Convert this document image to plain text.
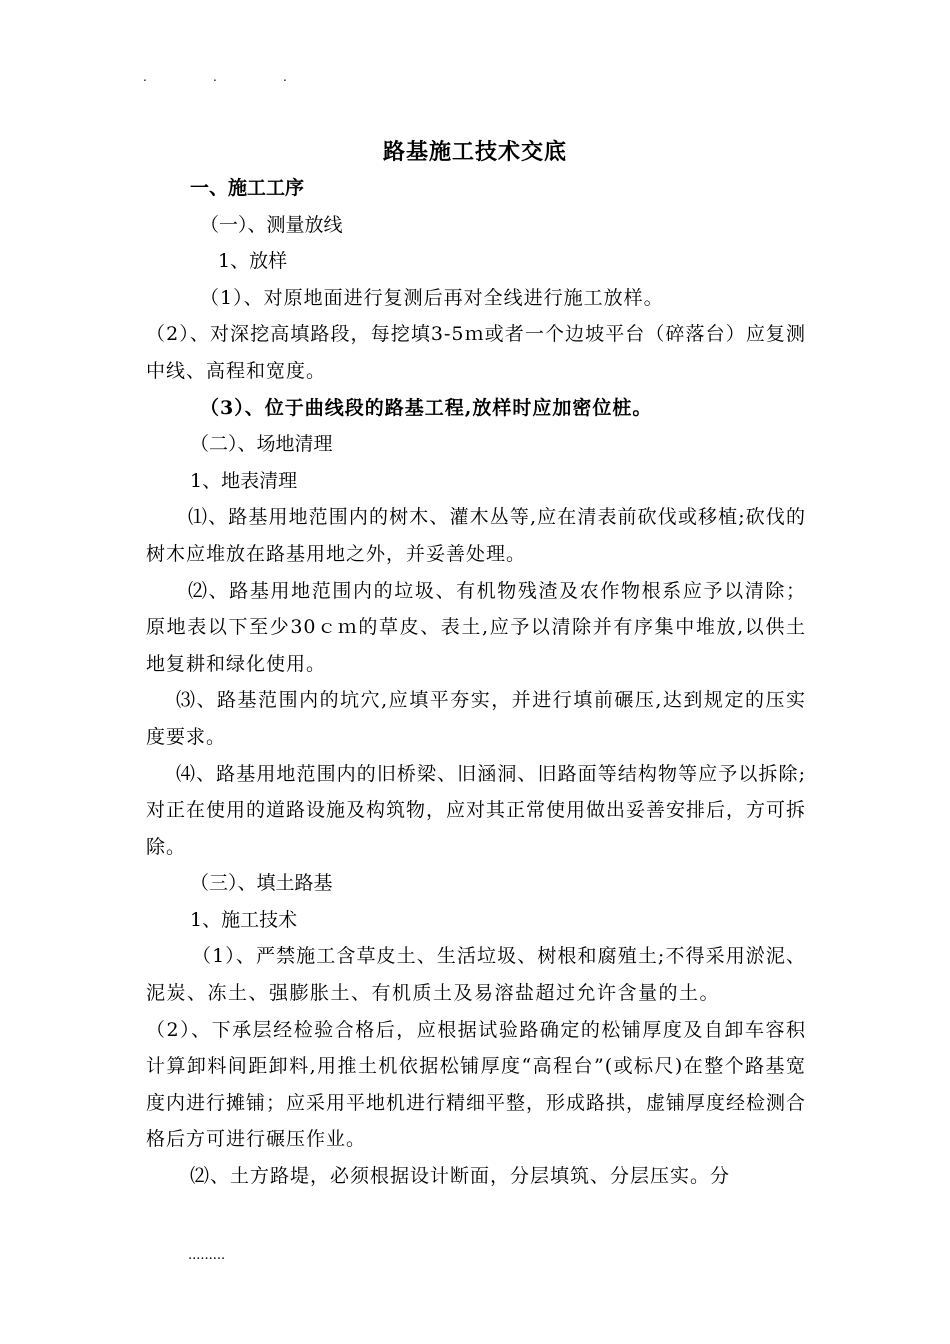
.	.	.
路基施工技术交底
一、施工工序
（一）、测量放线
1、放样
（1）、对原地面进行复测后再对全线进行施工放样。
（2）、对深挖高填路段，每挖填3-5ｍ或者一个边坡平台（碎落台）应复测中线、高程和宽度。
（3）、位于曲线段的路基工程,放样时应加密位桩。
（二）、场地清理
1、地表清理
⑴、路基用地范围内的树木、灌木丛等,应在清表前砍伐或移植;砍伐的树木应堆放在路基用地之外，并妥善处理。
⑵、路基用地范围内的垃圾、有机物残渣及农作物根系应予以清除；原地表以下至少30ｃｍ的草皮、表土,应予以清除并有序集中堆放,以供土地复耕和绿化使用。
⑶、路基范围内的坑穴,应填平夯实，并进行填前碾压,达到规定的压实度要求。
⑷、路基用地范围内的旧桥梁、旧涵洞、旧路面等结构物等应予以拆除;对正在使用的道路设施及构筑物，应对其正常使用做出妥善安排后，方可拆除。
（三）、填土路基
1、施工技术
（1）、严禁施工含草皮土、生活垃圾、树根和腐殖土;不得采用淤泥、泥炭、冻土、强膨胀土、有机质土及易溶盐超过允许含量的土。（2）、下承层经检验合格后，应根据试验路确定的松铺厚度及自卸车容积计算卸料间距卸料,用推土机依据松铺厚度“高程台”(或标尺)在整个路基宽度内进行摊铺；应采用平地机进行精细平整，形成路拱，虚铺厚度经检测合格后方可进行碾压作业。
⑵、土方路堤，必须根据设计断面，分层填筑、分层压实。分
.........
